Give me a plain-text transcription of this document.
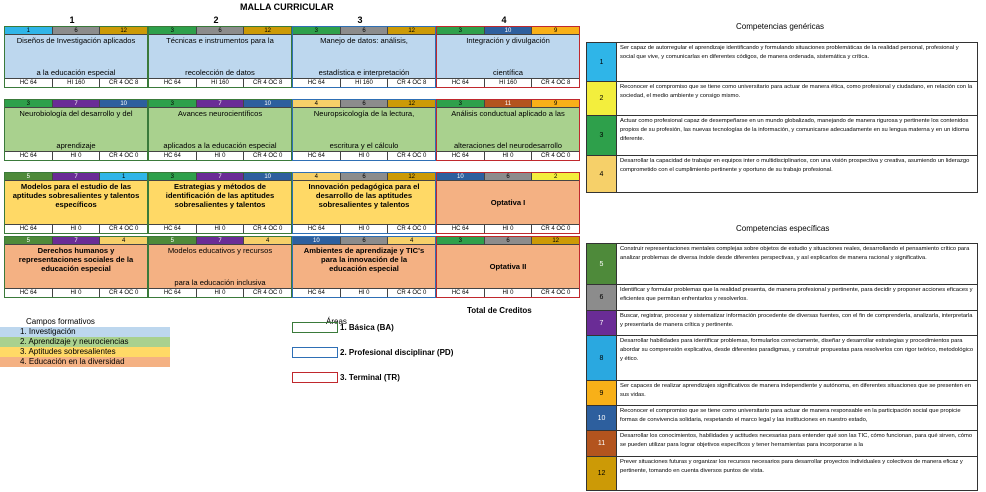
MALLA CURRICULAR
1	6	12
Diseños de Investigación aplicados
a la educación especial
HC 64	HI 160	CR 4 OC 8
3	6	12
Técnicas e instrumentos para la
recolección de datos
HC 64	HI 160	CR 4 OC 8
3	6	12
Manejo de datos: análisis,
estadística e interpretación
HC 64	HI 160	CR 4 OC 8
3	10	9
Integración y divulgación
científica
HC 64	HI 160	CR 4 OC 8
3	7	10
Neurobiología del desarrollo y del
aprendizaje
HC 64	HI 0	CR 4 OC 0
3	7	10
Avances neurocientíficos
aplicados a la educación especial
HC 64	HI 0	CR 4 OC 0
4	6	12
Neuropsicología de la lectura,
escritura y el cálculo
HC 64	HI 0	CR 4 OC 0
3	11	9
Análisis conductual aplicado a las
alteraciones del neurodesarrollo
HC 64	HI 0	CR 4 OC 0
5	7	1
Modelos para el estudio de las
aptitudes sobresalientes y talentos
específicos
HC 64	HI 0	CR 4 OC 0
3	7	10
Estrategias y métodos de
identificación de las aptitudes
sobresalientes y talentos
HC 64	HI 0	CR 4 OC 0
4	6	12
Innovación pedagógica para el
desarrollo de las aptitudes
sobresalientes y talentos
HC 64	HI 0	CR 4 OC 0
10	6	2
Optativa I
HC 64	HI 0	CR 4 OC 0
5	7	4
Derechos humanos y
representaciones sociales de la
educación especial
HC 64	HI 0	CR 4 OC 0
5	7	4
Modelos educativos y recursos
para la educación inclusiva
HC 64	HI 0	CR 4 OC 0
10	6	4
Ambientes de aprendizaje y TIC's
para la innovación de la
educación especial
HC 64	HI 0	CR 4 OC 0
3	6	12
Optativa II
HC 64	HI 0	CR 4 OC 0
Campos formativos
1. Investigación
2. Aprendizaje y neurociencias
3. Aptitudes sobresalientes
4. Educación en la diversidad
Áreas
1. Básica (BA)
2. Profesional disciplinar (PD)
3. Terminal (TR)
Total de Creditos
Competencias genéricas
1
Ser capaz de autorregular el aprendizaje identificando y formulando situaciones problemáticas de la realidad personal, profesional y social que vive, y comunicarlas en diferentes códigos, de manera ordenada, sistemática y crítica.
2
Reconocer el compromiso que se tiene como universitario para actuar de manera ética, como profesional y ciudadano, en relación con la sociedad, el medio ambiente y consigo mismo.
3
Actuar como profesional capaz de desempeñarse en un mundo globalizado, manejando de manera rigurosa y pertinente los contenidos propios de su profesión, las nuevas tecnologías de la información, y comunicarse adecuadamente en su lengua materna y en un idioma diferente.
4
Desarrollar la capacidad de trabajar en equipos inter o multidisciplinarios, con una visión prospectiva y creativa, asumiendo un liderazgo comprometido con el cumplimiento pertinente y oportuno de su trabajo profesional.
Competencias específicas
5
Construir representaciones mentales complejas sobre objetos de estudio y situaciones reales, desarrollando el pensamiento crítico para analizar problemas de diversa índole desde diferentes perspectivas, y así explicarlos de manera racional y significativa.
6
Identificar y formular problemas que la realidad presenta, de manera profesional y pertinente, para decidir y proponer acciones eficaces y eficientes que permitan enfrentarlos y resolverlos.
7
Buscar, registrar, procesar y sistematizar información procedente de diversas fuentes, con el fin de comprenderla, analizarla, interpretarla y presentarla de manera crítica y pertinente.
8
Desarrollar habilidades para identificar problemas, formularlos correctamente, diseñar y desarrollar estrategias y procedimientos para abordar su comprensión explicativa, desde diferentes paradigmas, y construir propuestas para resolverlos con rigor teórico, metodológico y ético.
9
Ser capaces de realizar aprendizajes significativos de manera independiente y autónoma, en diferentes situaciones que se presenten en sus vidas.
10
Reconocer el compromiso que se tiene como universitario para actuar de manera responsable en la participación social que propicie formas de convivencia solidaria, respetando el marco legal y las instituciones en nuestro estado,
11
Desarrollar los conocimientos, habilidades y actitudes necesarias para entender qué son las TIC, cómo funcionan, para qué sirven, cómo se pueden utilizar para lograr objetivos específicos y tener herramientas para incorporarse a la
12
Prever situaciones futuras y organizar los recursos necesarios para desarrollar proyectos individuales y colectivos de manera eficaz y pertinente, tomando en cuenta diversos puntos de vista.
1	2	3	4
